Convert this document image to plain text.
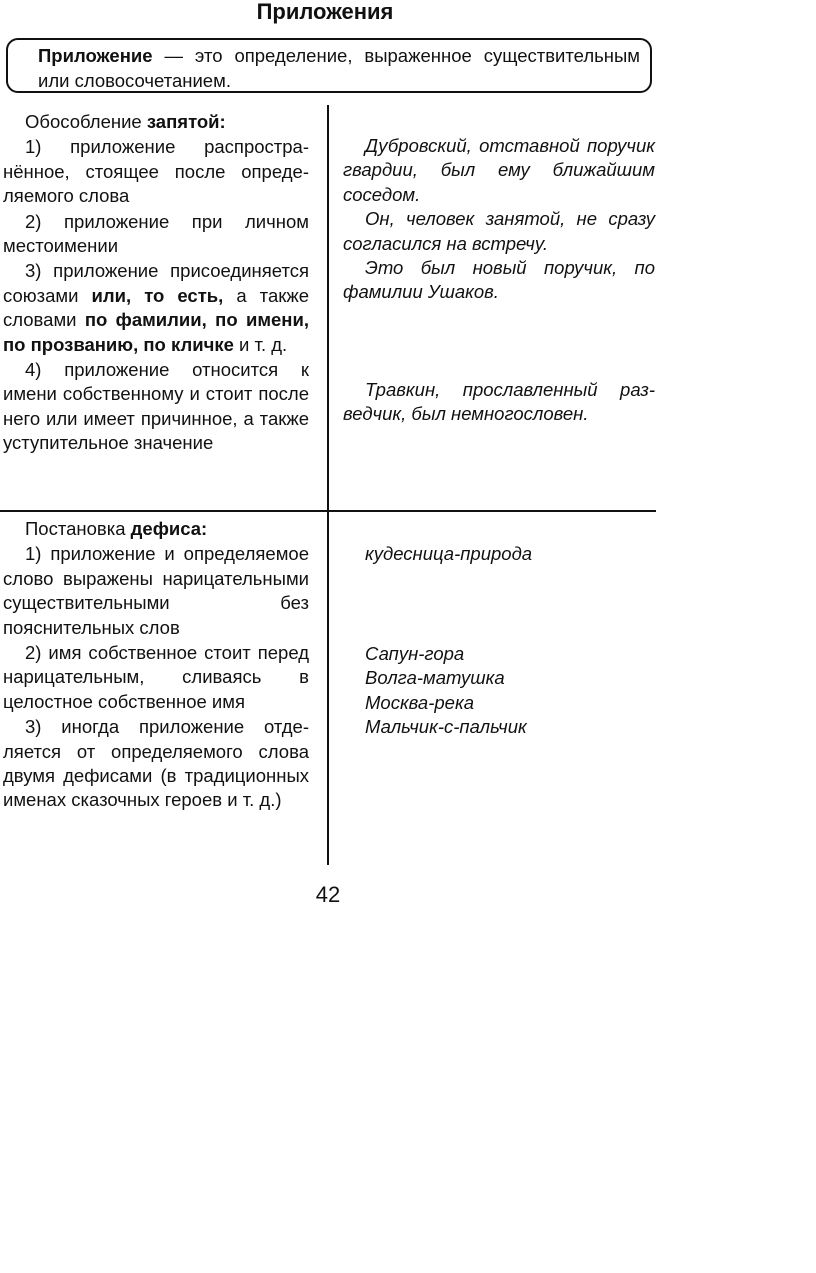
Приложения
Приложение — это определение, выраженное существительным или словосочетанием.

Обособление запятой:

1) приложение распространённое, стоящее после определяемого слова

2) приложение при личном местоимении

3) приложение присоединяется союзами или, то есть, а также словами по фамилии, по имени, по прозванию, по кличке и т. д.

4) приложение относится к имени собственному и стоит после него или имеет причинное, а также уступительное значение

Дубровский, отставной поручик гвардии, был ему ближайшим соседом.

Он, человек занятой, не сразу согласился на встречу.

Это был новый поручик, по фамилии Ушаков.

Травкин, прославленный разведчик, был немногословен.

Постановка дефиса:

1) приложение и определяемое слово выражены нарицательными существительными без пояснительных слов

2) имя собственное стоит перед нарицательным, сливаясь в целостное собственное имя

3) иногда приложение отделяется от определяемого слова двумя дефисами (в традиционных именах сказочных героев и т. д.)

кудесница-природа

Сапун-гора

Волга-матушка

Москва-река

Мальчик-с-пальчик

42
